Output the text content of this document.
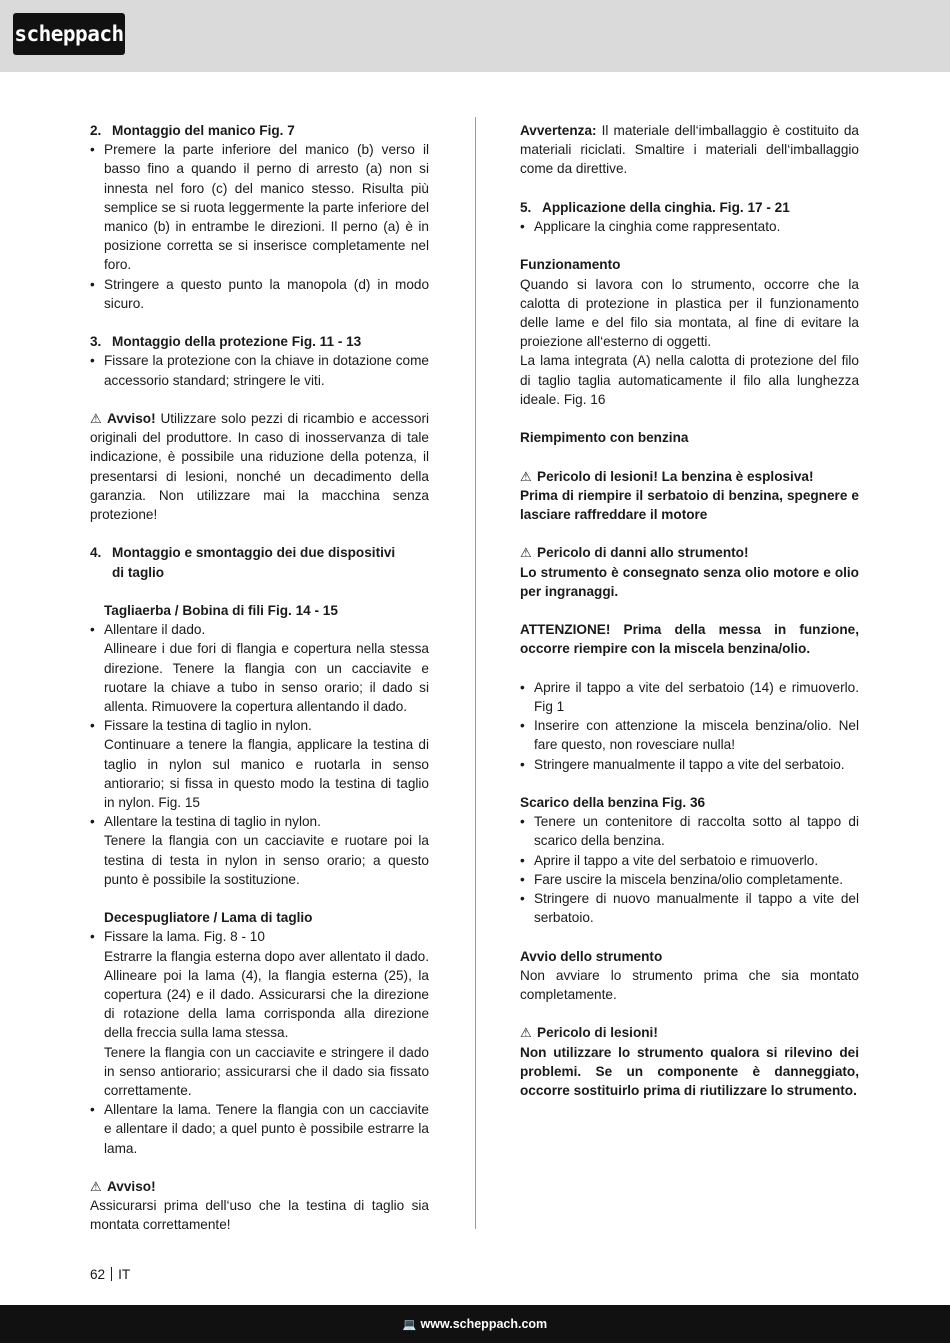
scheppach

2. Montaggio del manico Fig. 7

• Premere la parte inferiore del manico (b) verso il basso fino a quando il perno di arresto (a) non si innesta nel foro (c) del manico stesso. Risulta più semplice se si ruota leggermente la parte inferiore del manico (b) in entrambe le direzioni. Il perno (a) è in posizione corretta se si inserisce completamente nel foro.
• Stringere a questo punto la manopola (d) in modo sicuro.

3. Montaggio della protezione Fig. 11 - 13

• Fissare la protezione con la chiave in dotazione come accessorio standard; stringere le viti.

⚠ Avviso! Utilizzare solo pezzi di ricambio e accessori originali del produttore. In caso di inosservanza di tale indicazione, è possibile una riduzione della potenza, il presentarsi di lesioni, nonché un decadimento della garanzia. Non utilizzare mai la macchina senza protezione!

4. Montaggio e smontaggio dei due dispositivi

di taglio

Tagliaerba / Bobina di fili Fig. 14 - 15

• Allentare il dado.

Allineare i due fori di flangia e copertura nella stessa direzione. Tenere la flangia con un cacciavite e ruotare la chiave a tubo in senso orario; il dado si allenta. Rimuovere la copertura allentando il dado.

• Fissare la testina di taglio in nylon.

Continuare a tenere la flangia, applicare la testina di taglio in nylon sul manico e ruotarla in senso antiorario; si fissa in questo modo la testina di taglio in nylon. Fig. 15

• Allentare la testina di taglio in nylon.

Tenere la flangia con un cacciavite e ruotare poi la testina di testa in nylon in senso orario; a questo punto è possibile la sostituzione.

Decespugliatore / Lama di taglio

• Fissare la lama. Fig. 8 - 10

Estrarre la flangia esterna dopo aver allentato il dado. Allineare poi la lama (4), la flangia esterna (25), la copertura (24) e il dado. Assicurarsi che la direzione di rotazione della lama corrisponda alla direzione della freccia sulla lama stessa.

Tenere la flangia con un cacciavite e stringere il dado in senso antiorario; assicurarsi che il dado sia fissato correttamente.

• Allentare la lama. Tenere la flangia con un cacciavite e allentare il dado; a quel punto è possibile estrarre la lama.

⚠ Avviso!

Assicurarsi prima dell‘uso che la testina di taglio sia montata correttamente!

Avvertenza: Il materiale dell‘imballaggio è costituito da materiali riciclati. Smaltire i materiali dell‘imballaggio come da direttive.

5. Applicazione della cinghia. Fig. 17 - 21

• Applicare la cinghia come rappresentato.

Funzionamento

Quando si lavora con lo strumento, occorre che la calotta di protezione in plastica per il funzionamento delle lame e del filo sia montata, al fine di evitare la proiezione all‘esterno di oggetti.

La lama integrata (A) nella calotta di protezione del filo di taglio taglia automaticamente il filo alla lunghezza ideale. Fig. 16

Riempimento con benzina

⚠ Pericolo di lesioni! La benzina è esplosiva!

Prima di riempire il serbatoio di benzina, spegnere e lasciare raffreddare il motore

⚠ Pericolo di danni allo strumento!

Lo strumento è consegnato senza olio motore e olio per ingranaggi.

ATTENZIONE! Prima della messa in funzione, occorre riempire con la miscela benzina/olio.

• Aprire il tappo a vite del serbatoio (14) e rimuoverlo. Fig 1
• Inserire con attenzione la miscela benzina/olio. Nel fare questo, non rovesciare nulla!
• Stringere manualmente il tappo a vite del serbatoio.

Scarico della benzina Fig. 36

• Tenere un contenitore di raccolta sotto al tappo di scarico della benzina.
• Aprire il tappo a vite del serbatoio e rimuoverlo.
• Fare uscire la miscela benzina/olio completamente.
• Stringere di nuovo manualmente il tappo a vite del serbatoio.

Avvio dello strumento

Non avviare lo strumento prima che sia montato completamente.

⚠ Pericolo di lesioni!

Non utilizzare lo strumento qualora si rilevino dei problemi. Se un componente è danneggiato, occorre sostituirlo prima di riutilizzare lo strumento.

62 IT
💻 www.scheppach.com
